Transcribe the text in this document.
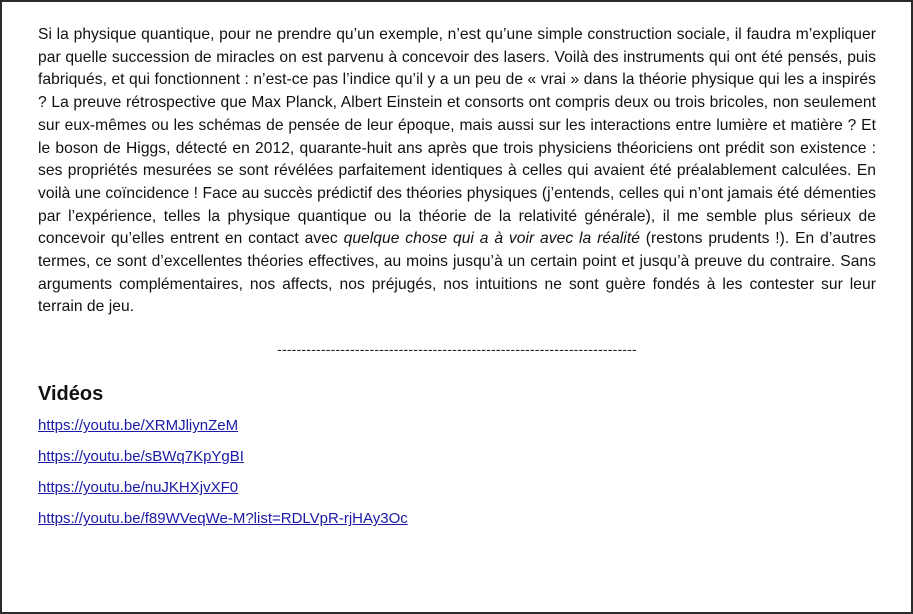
Si la physique quantique, pour ne prendre qu’un exemple, n’est qu’une simple construction sociale, il faudra m’expliquer par quelle succession de miracles on est parvenu à concevoir des lasers. Voilà des instruments qui ont été pensés, puis fabriqués, et qui fonctionnent : n’est-ce pas l’indice qu’il y a un peu de « vrai » dans la théorie physique qui les a inspirés ? La preuve rétrospective que Max Planck, Albert Einstein et consorts ont compris deux ou trois bricoles, non seulement sur eux-mêmes ou les schémas de pensée de leur époque, mais aussi sur les interactions entre lumière et matière ? Et le boson de Higgs, détecté en 2012, quarante-huit ans après que trois physiciens théoriciens ont prédit son existence : ses propriétés mesurées se sont révélées parfaitement identiques à celles qui avaient été préalablement calculées. En voilà une coïncidence ! Face au succès prédictif des théories physiques (j’entends, celles qui n’ont jamais été démenties par l’expérience, telles la physique quantique ou la théorie de la relativité générale), il me semble plus sérieux de concevoir qu’elles entrent en contact avec quelque chose qui a à voir avec la réalité (restons prudents !). En d’autres termes, ce sont d’excellentes théories effectives, au moins jusqu’à un certain point et jusqu’à preuve du contraire. Sans arguments complémentaires, nos affects, nos préjugés, nos intuitions ne sont guère fondés à les contester sur leur terrain de jeu.

--------------------------------------------------------------------------
Vidéos
https://youtu.be/XRMJliynZeM
https://youtu.be/sBWq7KpYgBI
https://youtu.be/nuJKHXjvXF0
https://youtu.be/f89WVeqWe-M?list=RDLVpR-rjHAy3Oc
